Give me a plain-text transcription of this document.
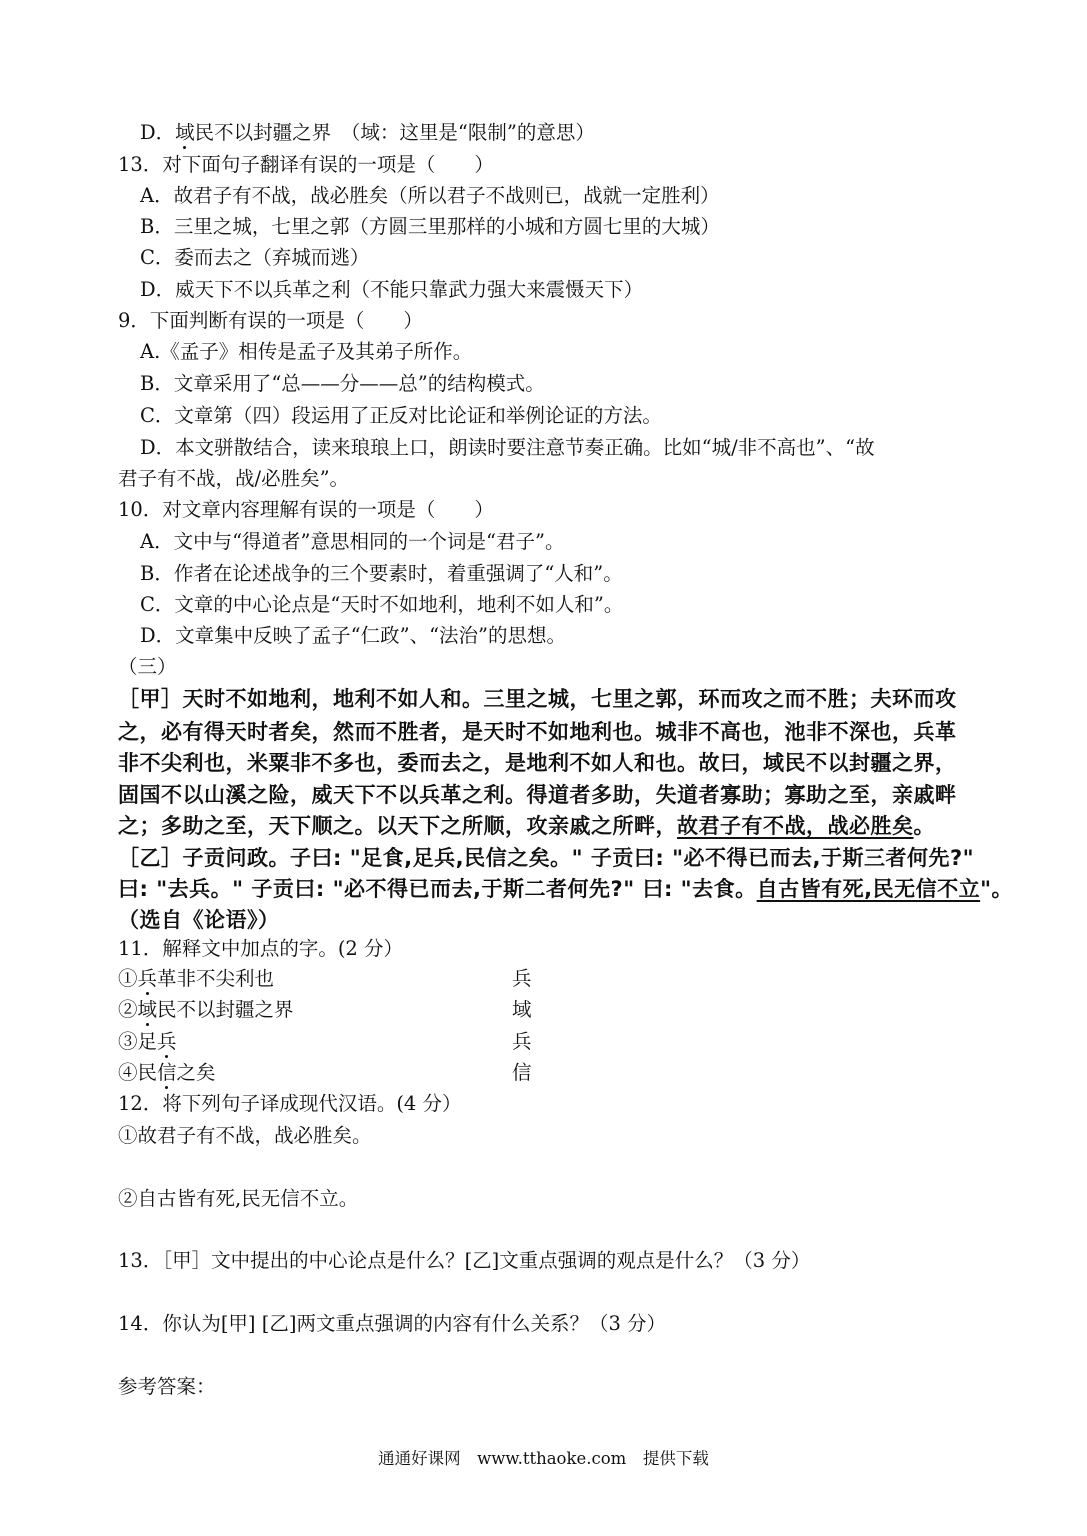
D．域民不以封疆之界　（域：这里是“限制”的意思）
13．对下面句子翻译有误的一项是（　　）
A．故君子有不战，战必胜矣（所以君子不战则已，战就一定胜利）
B．三里之城，七里之郭（方圆三里那样的小城和方圆七里的大城）
C．委而去之（弃城而逃）
D．威天下不以兵革之利（不能只靠武力强大来震慑天下）
9．下面判断有误的一项是（　　）
A.《孟子》相传是孟子及其弟子所作。
B．文章采用了“总——分——总”的结构模式。
C．文章第（四）段运用了正反对比论证和举例论证的方法。
D．本文骈散结合，读来琅琅上口，朗读时要注意节奏正确。比如“城/非不高也”、“故
君子有不战，战/必胜矣”。
10．对文章内容理解有误的一项是（　　）
A．文中与“得道者”意思相同的一个词是“君子”。
B．作者在论述战争的三个要素时，着重强调了“人和”。
C．文章的中心论点是“天时不如地利，地利不如人和”。
D．文章集中反映了孟子“仁政”、“法治”的思想。
（三）
［甲］天时不如地利，地利不如人和。三里之城，七里之郭，环而攻之而不胜；夫环而攻
之，必有得天时者矣，然而不胜者，是天时不如地利也。城非不高也，池非不深也，兵革
非不尖利也，米粟非不多也，委而去之，是地利不如人和也。故曰，域民不以封疆之界，
固国不以山溪之险，威天下不以兵革之利。得道者多助，失道者寡助；寡助之至，亲戚畔
之；多助之至，天下顺之。以天下之所顺，攻亲戚之所畔，故君子有不战，战必胜矣。
［乙］子贡问政。子曰: "足食,足兵,民信之矣。" 子贡曰: "必不得已而去,于斯三者何先?"
曰: "去兵。" 子贡曰: "必不得已而去,于斯二者何先?" 曰: "去食。自古皆有死,民无信不立"。
（选自《论语》）
11．解释文中加点的字。(2 分）
①兵革非不尖利也	兵
②域民不以封疆之界	域
③足兵	兵
④民信之矣	信
12．将下列句子译成现代汉语。(4 分）
①故君子有不战，战必胜矣。
②自古皆有死,民无信不立。
13．［甲］文中提出的中心论点是什么？[乙]文重点强调的观点是什么？（3 分）
14．你认为[甲] [乙]两文重点强调的内容有什么关系？（3 分）
参考答案：
通通好课网　www.tthaoke.com　提供下载
